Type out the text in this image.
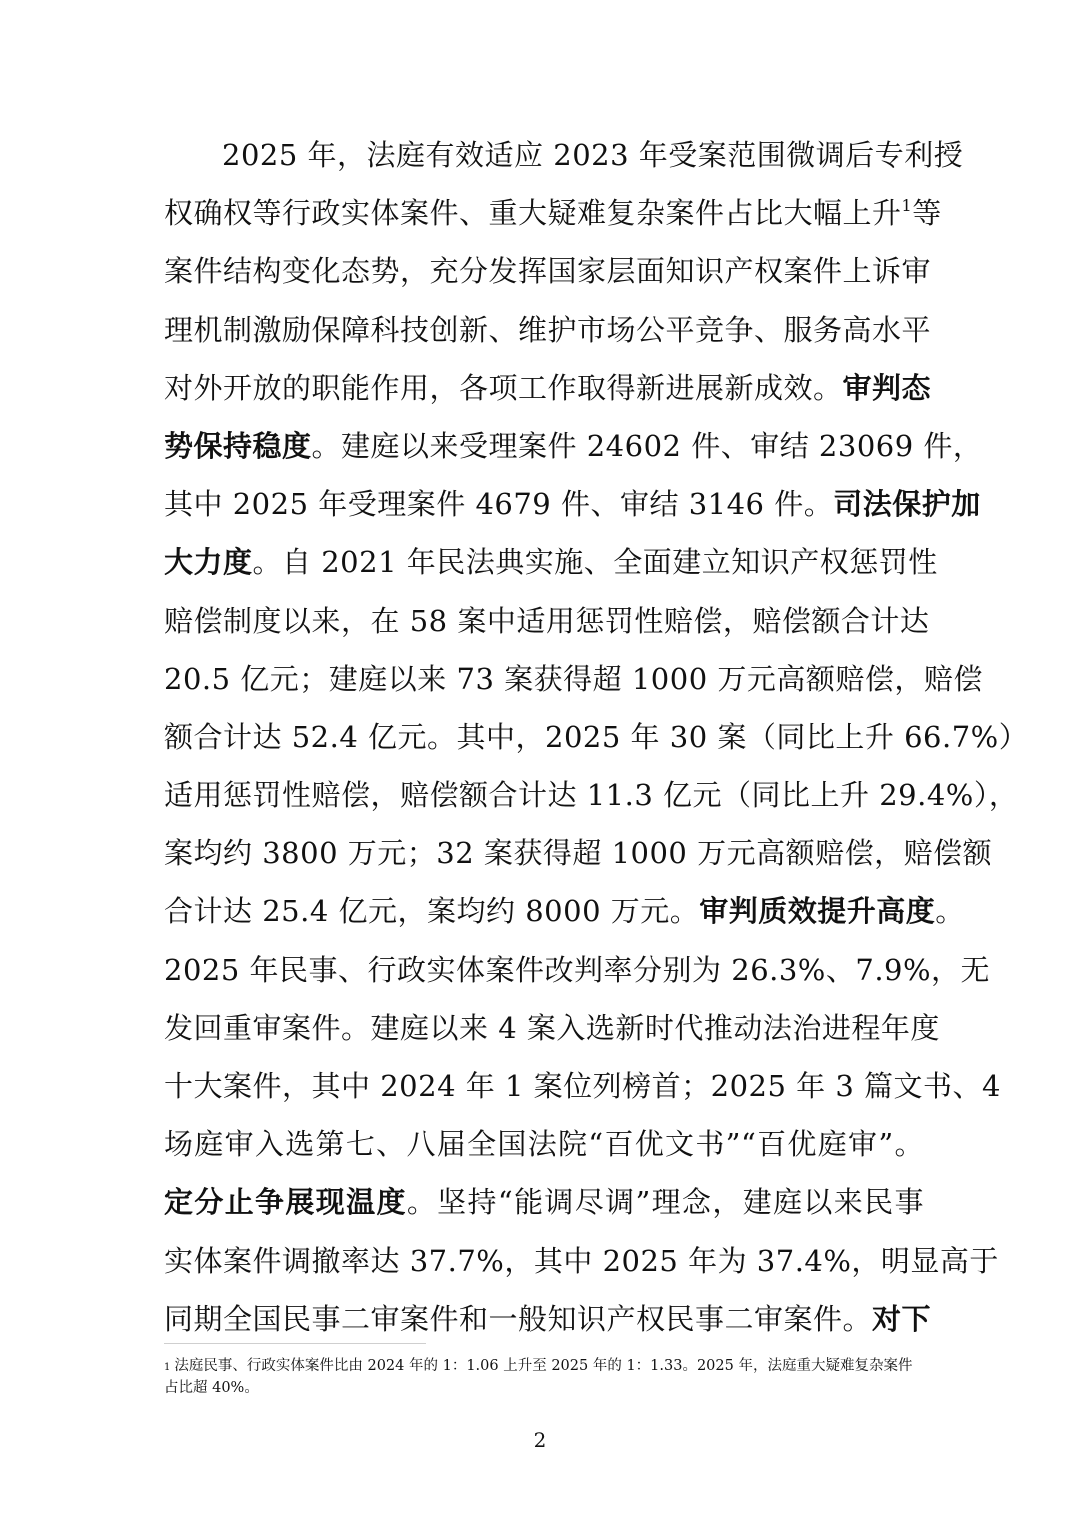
2025 年，法庭有效适应 2023 年受案范围微调后专利授
权确权等行政实体案件、重大疑难复杂案件占比大幅上升$^1$等
案件结构变化态势，充分发挥国家层面知识产权案件上诉审
理机制激励保障科技创新、维护市场公平竞争、服务高水平
对外开放的职能作用，各项工作取得新进展新成效。审判态
势保持稳度。建庭以来受理案件 24602 件、审结 23069 件，
其中 2025 年受理案件 4679 件、审结 3146 件。司法保护加
大力度。自 2021 年民法典实施、全面建立知识产权惩罚性
赔偿制度以来，在 58 案中适用惩罚性赔偿，赔偿额合计达
20.5 亿元；建庭以来 73 案获得超 1000 万元高额赔偿，赔偿
额合计达 52.4 亿元。其中，2025 年 30 案（同比上升 66.7%）
适用惩罚性赔偿，赔偿额合计达 11.3 亿元（同比上升 29.4%），
案均约 3800 万元；32 案获得超 1000 万元高额赔偿，赔偿额
合计达 25.4 亿元，案均约 8000 万元。审判质效提升高度。
2025 年民事、行政实体案件改判率分别为 26.3%、7.9%，无
发回重审案件。建庭以来 4 案入选新时代推动法治进程年度
十大案件，其中 2024 年 1 案位列榜首；2025 年 3 篇文书、4
场庭审入选第七、八届全国法院“百优文书”“百优庭审”。
定分止争展现温度。坚持“能调尽调”理念，建庭以来民事
实体案件调撤率达 37.7%，其中 2025 年为 37.4%，明显高于
同期全国民事二审案件和一般知识产权民事二审案件。对下
$^1$ 法庭民事、行政实体案件比由 2024 年的 1：1.06 上升至 2025 年的 1：1.33。2025 年，法庭重大疑难复杂案件占比超 40%。
2
